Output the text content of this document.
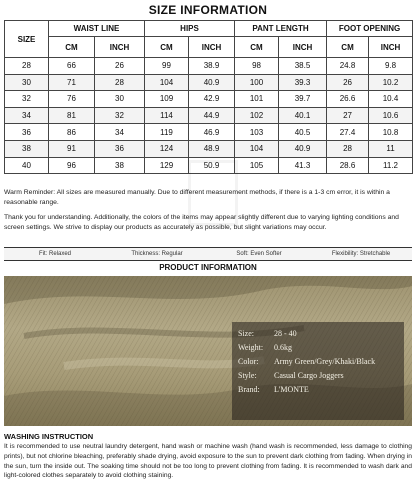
SIZE INFORMATION
SIZE	WAIST LINE		HIPS		PANT LENGTH		FOOT OPENING	
	CM	INCH	CM	INCH	CM	INCH	CM	INCH
28	66	26	99	38.9	98	38.5	24.8	9.8
30	71	28	104	40.9	100	39.3	26	10.2
32	76	30	109	42.9	101	39.7	26.6	10.4
34	81	32	114	44.9	102	40.1	27	10.6
36	86	34	119	46.9	103	40.5	27.4	10.8
38	91	36	124	48.9	104	40.9	28	11
40	96	38	129	50.9	105	41.3	28.6	11.2
Warm Reminder: All sizes are measured manually. Due to different measurement methods, if there is a 1-3 cm error, it is within a reasonable range.
Thank you for understanding. Additionally, the colors of the items may appear slightly different due to varying lighting conditions and screen settings. We strive to display our products as accurately as possible, but slight variations may occur.
Fit: Relaxed	Thickness: Regular	Soft: Even Softer	Flexibility: Stretchable
PRODUCT INFORMATION
Size:	28 - 40
Weight: 0.6kg
Color: Army Green/Grey/Khaki/Black
Style: Casual Cargo Joggers
Brand: L'MONTE
WASHING INSTRUCTION
It is recommended to use neutral laundry detergent, hand wash or machine wash (hand wash is recommended, less damage to clothing prints), but not chlorine bleaching, preferably shade drying, avoid exposure to the sun to prevent dark clothing from fading. When drying in the sun, turn the inside out. The soaking time should not be too long to prevent clothing from fading. It is recommended to wash dark and light-colored clothes separately to avoid clothing staining.
